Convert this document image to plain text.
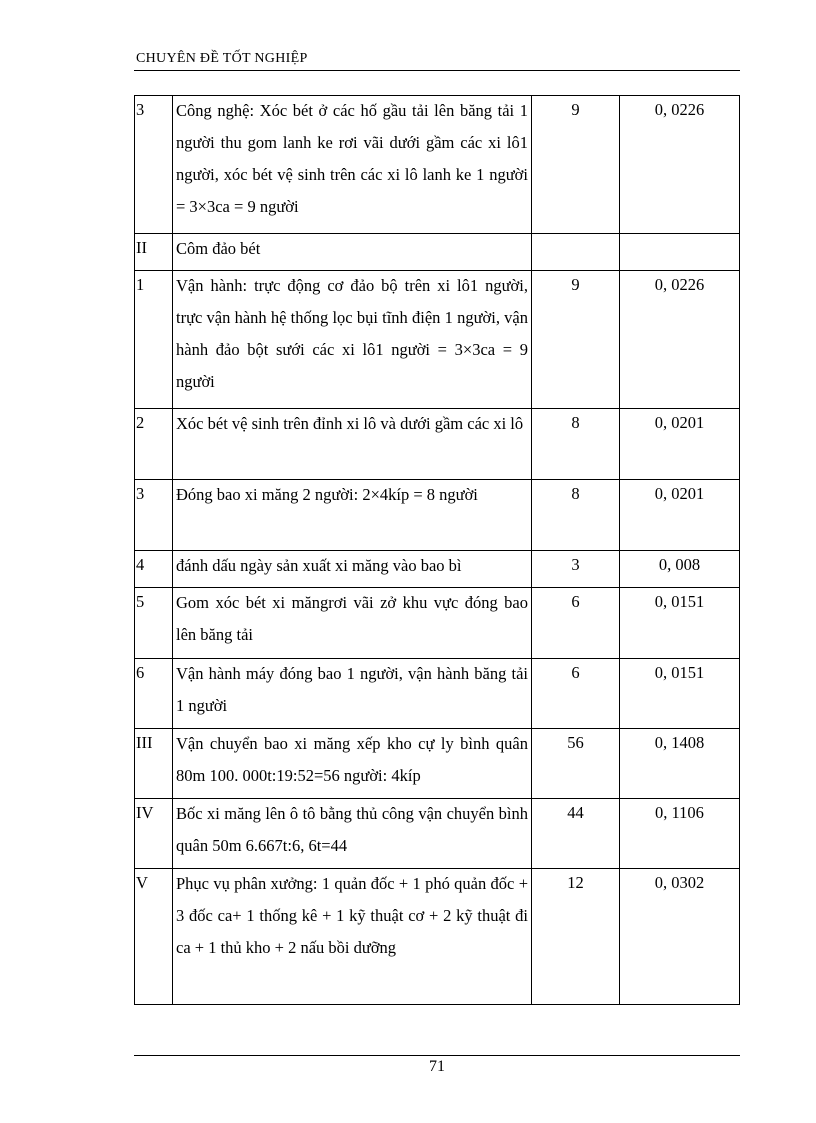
CHUYÊN ĐỀ TỐT NGHIỆP
3	Công nghệ: Xóc bét ở các hố gầu tải lên băng tải 1 người thu gom lanh ke rơi vãi dưới gầm các xi lô1 người, xóc bét vệ sinh trên các xi lô lanh ke 1 người = 3×3ca = 9 người	9	0, 0226
II	Côm đảo bét		

1	Vận hành: trực động cơ đảo bộ trên xi lô1 người, trực vận hành hệ thống lọc bụi tĩnh điện 1 người, vận hành đảo bột sưới các xi lô1 người = 3×3ca = 9 người	9	0, 0226
2	Xóc bét vệ sinh trên đỉnh xi lô và dưới gầm các xi lô	8	0, 0201
3	Đóng bao xi măng 2 người: 2×4kíp = 8 người	8	0, 0201
4	đánh dấu ngày sản xuất xi măng vào bao bì	3	0, 008
5	Gom xóc bét xi măngrơi vãi zở khu vực đóng bao lên băng tải	6	0, 0151
6	Vận hành máy đóng bao 1 người, vận hành băng tải 1 người	6	0, 0151
III	Vận chuyển bao xi măng xếp kho cự ly bình quân 80m 100. 000t:19:52=56 người: 4kíp	56	0, 1408
IV	Bốc xi măng lên ô tô bằng thủ công vận chuyển bình quân 50m 6.667t:6, 6t=44	44	0, 1106
V	Phục vụ phân xưởng: 1 quản đốc + 1 phó quản đốc + 3 đốc ca+ 1 thống kê + 1 kỹ thuật cơ + 2 kỹ thuật đi ca + 1 thủ kho + 2 nấu bồi dưỡng	12	0, 0302
71
